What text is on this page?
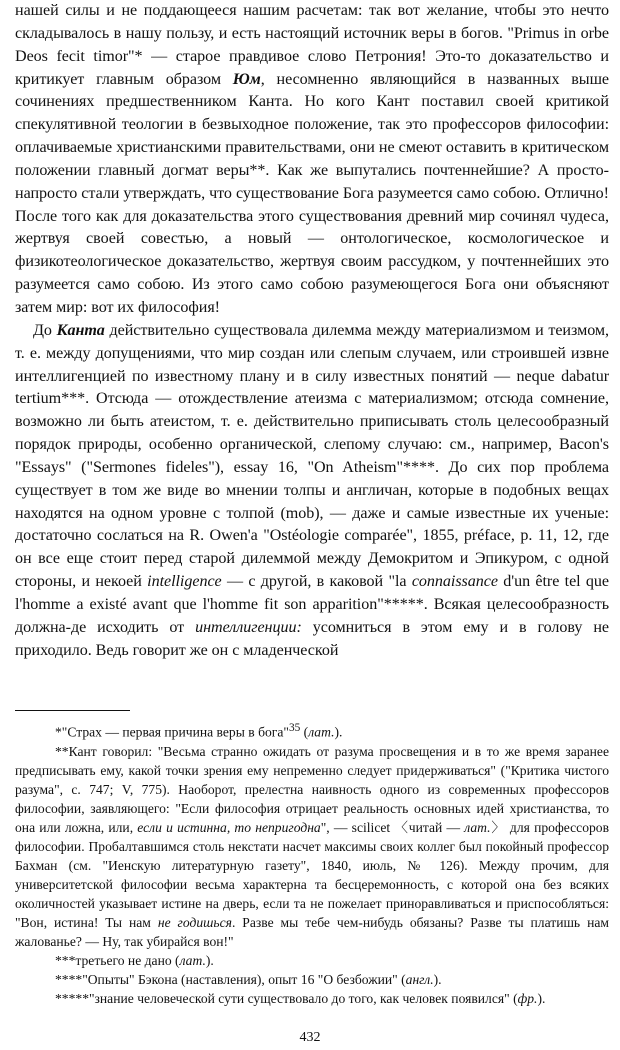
нашей силы и не поддающееся нашим расчетам: так вот желание, чтобы это нечто складывалось в нашу пользу, и есть настоящий источник веры в богов. "Primus in orbe Deos fecit timor"* — старое правдивое слово Петрония! Это-то доказательство и критикует главным образом Юм, несомненно являющийся в названных выше сочинениях предшественником Канта. Но кого Кант поставил своей критикой спекулятивной теологии в безвыходное положение, так это профессоров философии: оплачиваемые христианскими правительствами, они не смеют оставить в критическом положении главный догмат веры**. Как же выпутались почтеннейшие? А просто-напросто стали утверждать, что существование Бога разумеется само собою. Отлично! После того как для доказательства этого существования древний мир сочинял чудеса, жертвуя своей совестью, а новый — онтологическое, космологическое и физикотеологическое доказательство, жертвуя своим рассудком, у почтеннейших это разумеется само собою. Из этого само собою разумеющегося Бога они объясняют затем мир: вот их философия!

До Канта действительно существовала дилемма между материализмом и теизмом, т. е. между допущениями, что мир создан или слепым случаем, или строившей извне интеллигенцией по известному плану и в силу известных понятий — neque dabatur tertium***. Отсюда — отождествление атеизма с материализмом; отсюда сомнение, возможно ли быть атеистом, т. е. действительно приписывать столь целесообразный порядок природы, особенно органической, слепому случаю: см., например, Bacon's "Essays" ("Sermones fideles"), essay 16, "On Atheism"****. До сих пор проблема существует в том же виде во мнении толпы и англичан, которые в подобных вещах находятся на одном уровне с толпой (mob), — даже и самые известные их ученые: достаточно сослаться на R. Owen'a "Ostéologie comparée", 1855, préface, p. 11, 12, где он все еще стоит перед старой дилеммой между Демокритом и Эпикуром, с одной стороны, и некоей intelligence — с другой, в каковой "la connaissance d'un être tel que l'homme a existé avant que l'homme fit son apparition"*****. Всякая целесообразность должна-де исходить от интеллигенции: усомниться в этом ему и в голову не приходило. Ведь говорит же он с младенческой

*"Страх — первая причина веры в бога"$^{35}$ (лат.).

**Кант говорил: "Весьма странно ожидать от разума просвещения и в то же время заранее предписывать ему, какой точки зрения ему непременно следует придерживаться" ("Критика чистого разума", с. 747; V, 775). Наоборот, прелестна наивность одного из современных профессоров философии, заявляющего: "Если философия отрицает реальность основных идей христианства, то она или ложна, или, если и истинна, то непригодна", — scilicet 〈читай — лат.〉 для профессоров философии. Пробалтавшимся столь некстати насчет максимы своих коллег был покойный профессор Бахман (см. "Иенскую литературную газету", 1840, июль, № 126). Между прочим, для университетской философии весьма характерна та бесцеремонность, с которой она без всяких околичностей указывает истине на дверь, если та не пожелает приноравливаться и приспособляться: "Вон, истина! Ты нам не годишься. Разве мы тебе чем-нибудь обязаны? Разве ты платишь нам жалованье? — Ну, так убирайся вон!"

***третьего не дано (лат.).

****"Опыты" Бэкона (наставления), опыт 16 "О безбожии" (англ.).

*****"знание человеческой сути существовало до того, как человек появился" (фр.).

432
